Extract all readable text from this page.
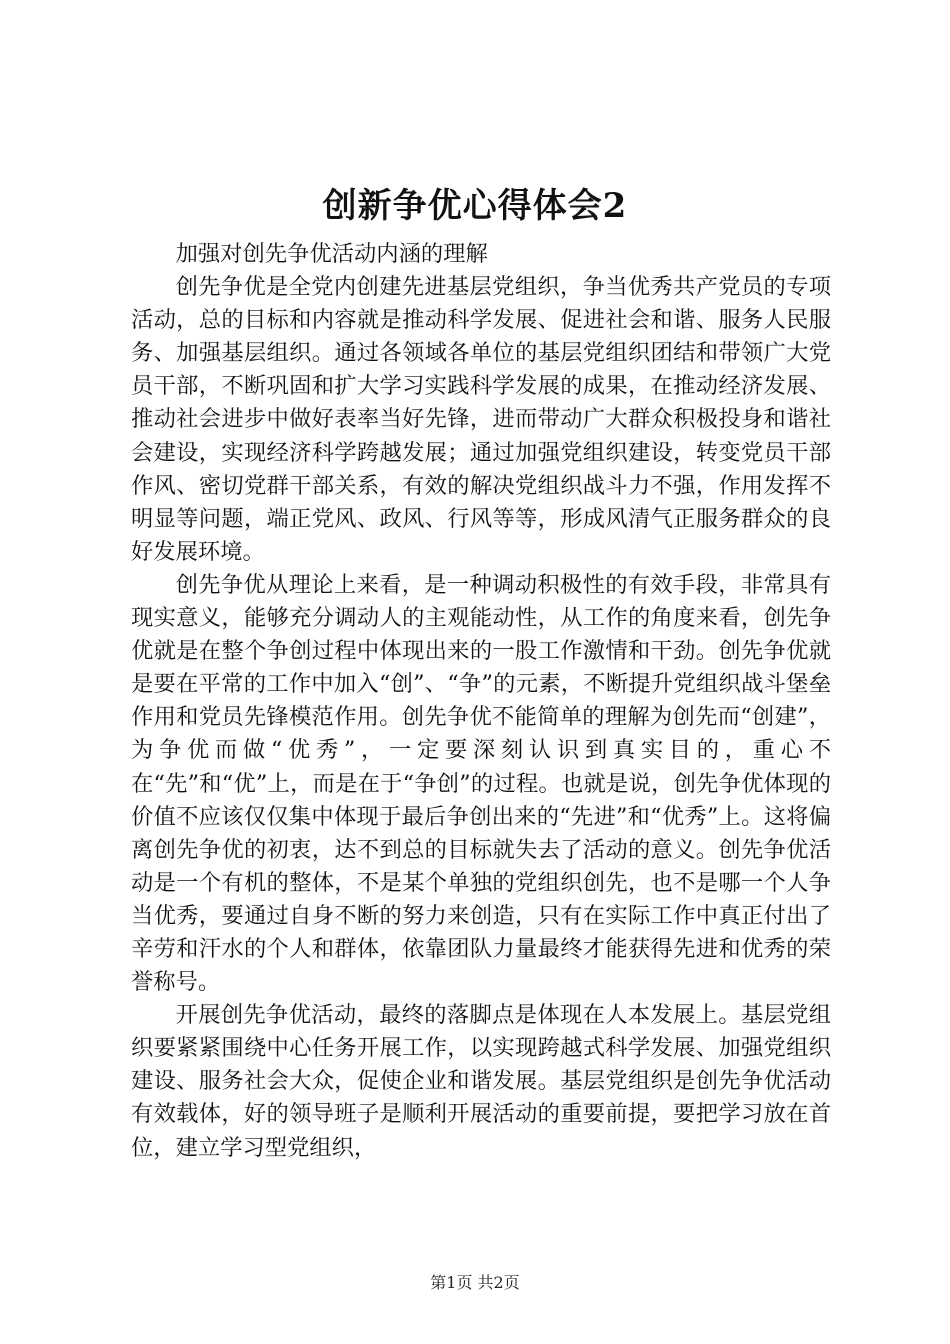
创新争优心得体会2

加强对创先争优活动内涵的理解

创先争优是全党内创建先进基层党组织，争当优秀共产党员的专项活动，总的目标和内容就是推动科学发展、促进社会和谐、服务人民服务、加强基层组织。通过各领域各单位的基层党组织团结和带领广大党员干部，不断巩固和扩大学习实践科学发展的成果，在推动经济发展、推动社会进步中做好表率当好先锋，进而带动广大群众积极投身和谐社会建设，实现经济科学跨越发展；通过加强党组织建设，转变党员干部作风、密切党群干部关系，有效的解决党组织战斗力不强，作用发挥不明显等问题，端正党风、政风、行风等等，形成风清气正服务群众的良好发展环境。

创先争优从理论上来看，是一种调动积极性的有效手段，非常具有现实意义，能够充分调动人的主观能动性，从工作的角度来看，创先争优就是在整个争创过程中体现出来的一股工作激情和干劲。创先争优就是要在平常的工作中加入“创”、“争”的元素，不断提升党组织战斗堡垒作用和党员先锋模范作用。创先争优不能简单的理解为创先而“创建”，为争优而做“优秀”，一定要深刻认识到真实目的，重心不在“先”和“优”上，而是在于“争创”的过程。也就是说，创先争优体现的价值不应该仅仅集中体现于最后争创出来的“先进”和“优秀”上。这将偏离创先争优的初衷，达不到总的目标就失去了活动的意义。创先争优活动是一个有机的整体，不是某个单独的党组织创先，也不是哪一个人争当优秀，要通过自身不断的努力来创造，只有在实际工作中真正付出了辛劳和汗水的个人和群体，依靠团队力量最终才能获得先进和优秀的荣誉称号。

开展创先争优活动，最终的落脚点是体现在人本发展上。基层党组织要紧紧围绕中心任务开展工作，以实现跨越式科学发展、加强党组织建设、服务社会大众，促使企业和谐发展。基层党组织是创先争优活动有效载体，好的领导班子是顺利开展活动的重要前提，要把学习放在首位，建立学习型党组织，

第1页 共2页
